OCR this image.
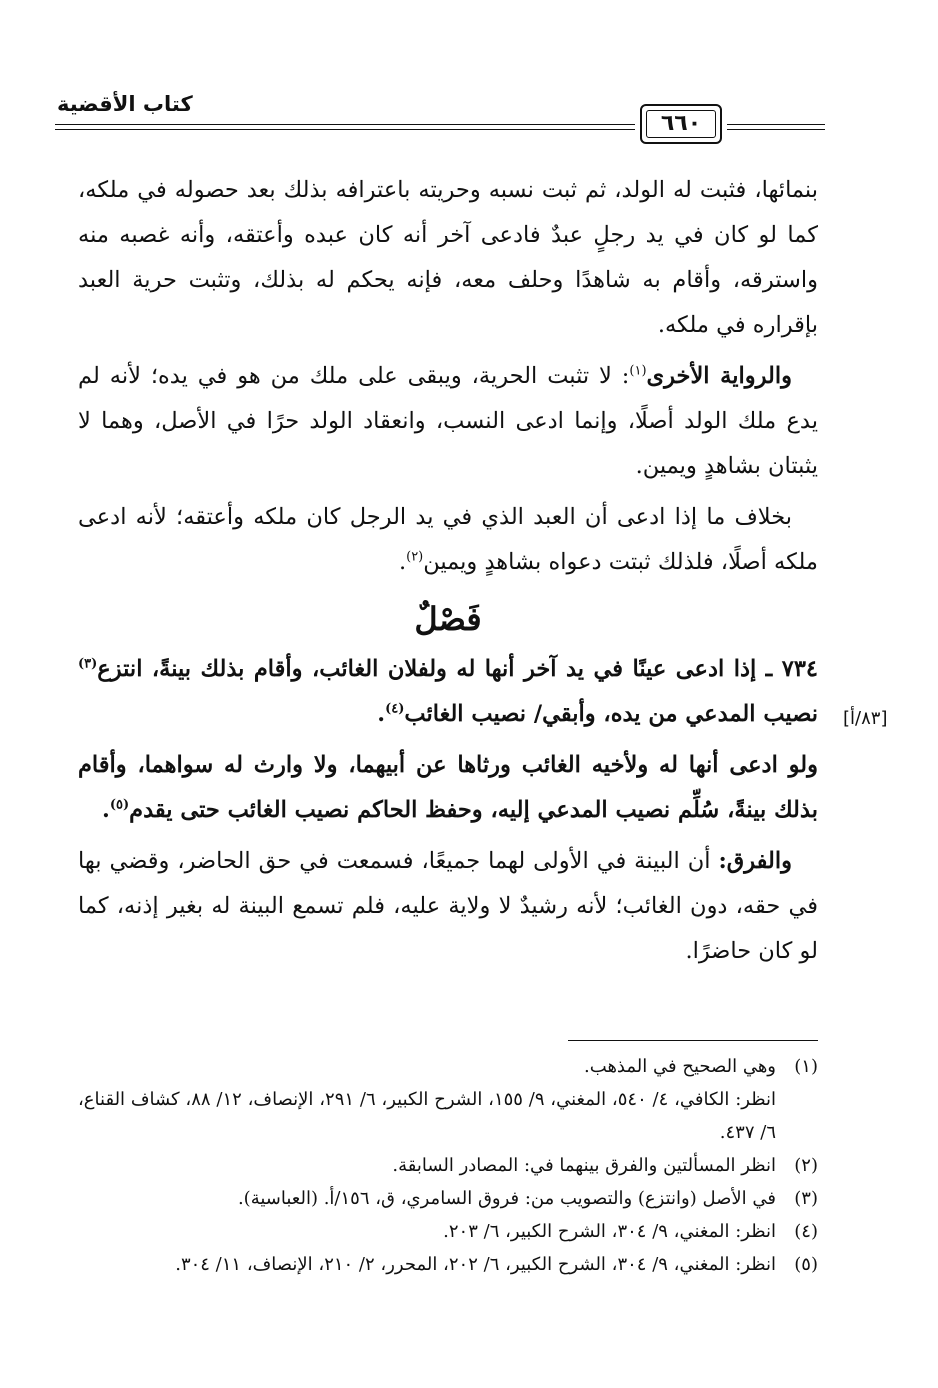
كتاب الأقضية
٦٦٠
[٨٣/أ]

بنمائها، فثبت له الولد، ثم ثبت نسبه وحريته باعترافه بذلك بعد حصوله في ملكه، كما لو كان في يد رجلٍ عبدٌ فادعى آخر أنه كان عبده وأعتقه، وأنه غصبه منه واسترقه، وأقام به شاهدًا وحلف معه، فإنه يحكم له بذلك، وتثبت حرية العبد بإقراره في ملكه.

والرواية الأخرى$^{(١)}$: لا تثبت الحرية، ويبقى على ملك من هو في يده؛ لأنه لم يدع ملك الولد أصلًا، وإنما ادعى النسب، وانعقاد الولد حرًا في الأصل، وهما لا يثبتان بشاهدٍ ويمين.

بخلاف ما إذا ادعى أن العبد الذي في يد الرجل كان ملكه وأعتقه؛ لأنه ادعى ملكه أصلًا، فلذلك ثبتت دعواه بشاهدٍ ويمين$^{(٢)}$.

فَصْلٌ

٧٣٤ ـ إذا ادعى عينًا في يد آخر أنها له ولفلان الغائب، وأقام بذلك بينةً، انتزع$^{(٣)}$ نصيب المدعي من يده، وأبقي/ نصيب الغائب$^{(٤)}$.

ولو ادعى أنها له ولأخيه الغائب ورثاها عن أبيهما، ولا وارث له سواهما، وأقام بذلك بينةً، سُلِّم نصيب المدعي إليه، وحفظ الحاكم نصيب الغائب حتى يقدم$^{(٥)}$.

والفرق: أن البينة في الأولى لهما جميعًا، فسمعت في حق الحاضر، وقضي بها في حقه، دون الغائب؛ لأنه رشيدٌ لا ولاية عليه، فلم تسمع البينة له بغير إذنه، كما لو كان حاضرًا.

(١)
وهي الصحيح في المذهب.
انظر: الكافي، ٤/ ٥٤٠، المغني، ٩/ ١٥٥، الشرح الكبير، ٦/ ٢٩١، الإنصاف، ١٢/ ٨٨، كشاف القناع، ٦/ ٤٣٧.
(٢)
انظر المسألتين والفرق بينهما في: المصادر السابقة.
(٣)
في الأصل (وانتزع) والتصويب من: فروق السامري، ق، ١٥٦/أ. (العباسية).
(٤)
انظر: المغني، ٩/ ٣٠٤، الشرح الكبير، ٦/ ٢٠٣.
(٥)
انظر: المغني، ٩/ ٣٠٤، الشرح الكبير، ٦/ ٢٠٢، المحرر، ٢/ ٢١٠، الإنصاف، ١١/ ٣٠٤.
